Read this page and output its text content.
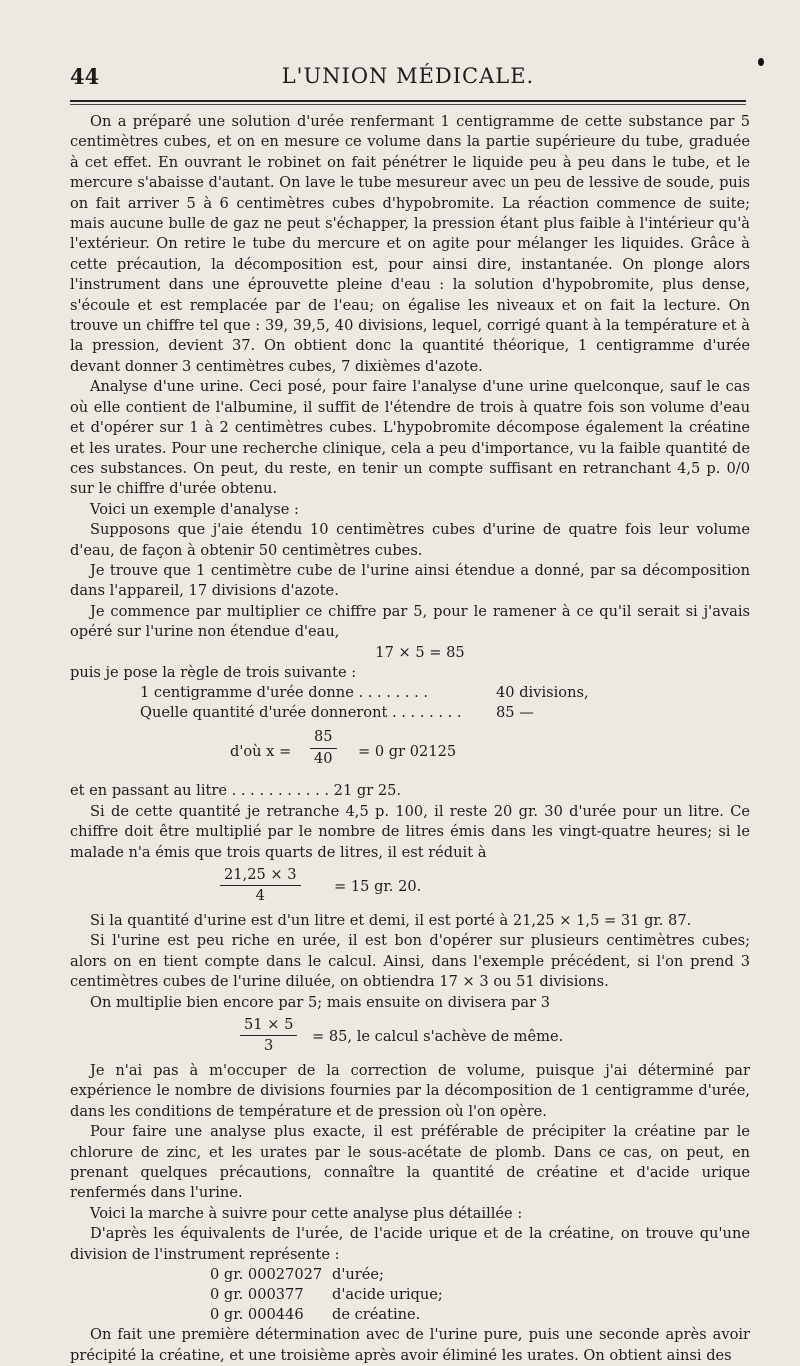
44	L'UNION MÉDICALE.

On a préparé une solution d'urée renfermant 1 centigramme de cette substance par 5 centimètres cubes, et on en mesure ce volume dans la partie supérieure du tube, graduée à cet effet. En ouvrant le robinet on fait pénétrer le liquide peu à peu dans le tube, et le mercure s'abaisse d'autant. On lave le tube mesureur avec un peu de lessive de soude, puis on fait arriver 5 à 6 centimètres cubes d'hypobromite. La réaction commence de suite; mais aucune bulle de gaz ne peut s'échapper, la pression étant plus faible à l'intérieur qu'à l'extérieur. On retire le tube du mercure et on agite pour mélanger les liquides. Grâce à cette précaution, la décomposition est, pour ainsi dire, instantanée. On plonge alors l'instrument dans une éprouvette pleine d'eau : la solution d'hypobromite, plus dense, s'écoule et est remplacée par de l'eau; on égalise les niveaux et on fait la lecture. On trouve un chiffre tel que : 39, 39,5, 40 divisions, lequel, corrigé quant à la température et à la pression, devient 37. On obtient donc la quantité théorique, 1 centigramme d'urée devant donner 3 centimètres cubes, 7 dixièmes d'azote.

Analyse d'une urine. Ceci posé, pour faire l'analyse d'une urine quelconque, sauf le cas où elle contient de l'albumine, il suffit de l'étendre de trois à quatre fois son volume d'eau et d'opérer sur 1 à 2 centimètres cubes. L'hypobromite décompose également la créatine et les urates. Pour une recherche clinique, cela a peu d'importance, vu la faible quantité de ces substances. On peut, du reste, en tenir un compte suffisant en retranchant 4,5 p. 0/0 sur le chiffre d'urée obtenu.

Voici un exemple d'analyse :

Supposons que j'aie étendu 10 centimètres cubes d'urine de quatre fois leur volume d'eau, de façon à obtenir 50 centimètres cubes.

Je trouve que 1 centimètre cube de l'urine ainsi étendue a donné, par sa décomposition dans l'appareil, 17 divisions d'azote.

Je commence par multiplier ce chiffre par 5, pour le ramener à ce qu'il serait si j'avais opéré sur l'urine non étendue d'eau,

17 × 5 = 85

puis je pose la règle de trois suivante :

1 centigramme d'urée donne . . . . . . . .	40 divisions,
Quelle quantité d'urée donneront . . . . . . . . 85 —
d'où $x = \frac{85}{40} = 0$ gr 02125

et en passant au litre . . . . . . . . . . . 21 gr 25.

Si de cette quantité je retranche 4,5 p. 100, il reste 20 gr. 30 d'urée pour un litre. Ce chiffre doit être multiplié par le nombre de litres émis dans les vingt-quatre heures; si le malade n'a émis que trois quarts de litres, il est réduit à

$\frac{21,25 \times 3}{4} = 15$ gr. 20.

Si la quantité d'urine est d'un litre et demi, il est porté à 21,25 × 1,5 = 31 gr. 87.

Si l'urine est peu riche en urée, il est bon d'opérer sur plusieurs centimètres cubes; alors on en tient compte dans le calcul. Ainsi, dans l'exemple précédent, si l'on prend 3 centimètres cubes de l'urine diluée, on obtiendra 17 × 3 ou 51 divisions.

On multiplie bien encore par 5; mais ensuite on divisera par 3

$\frac{51 \times 5}{3} = 85$, le calcul s'achève de même.

Je n'ai pas à m'occuper de la correction de volume, puisque j'ai déterminé par expérience le nombre de divisions fournies par la décomposition de 1 centigramme d'urée, dans les conditions de température et de pression où l'on opère.

Pour faire une analyse plus exacte, il est préférable de précipiter la créatine par le chlorure de zinc, et les urates par le sous-acétate de plomb. Dans ce cas, on peut, en prenant quelques précautions, connaître la quantité de créatine et d'acide urique renfermés dans l'urine.

Voici la marche à suivre pour cette analyse plus détaillée :

D'après les équivalents de l'urée, de l'acide urique et de la créatine, on trouve qu'une division de l'instrument représente :

0 gr. 00027027 d'urée;
0 gr. 000377 d'acide urique;
0 gr. 000446 de créatine.

On fait une première détermination avec de l'urine pure, puis une seconde après avoir précipité la créatine, et une troisième après avoir éliminé les urates. On obtient ainsi des
